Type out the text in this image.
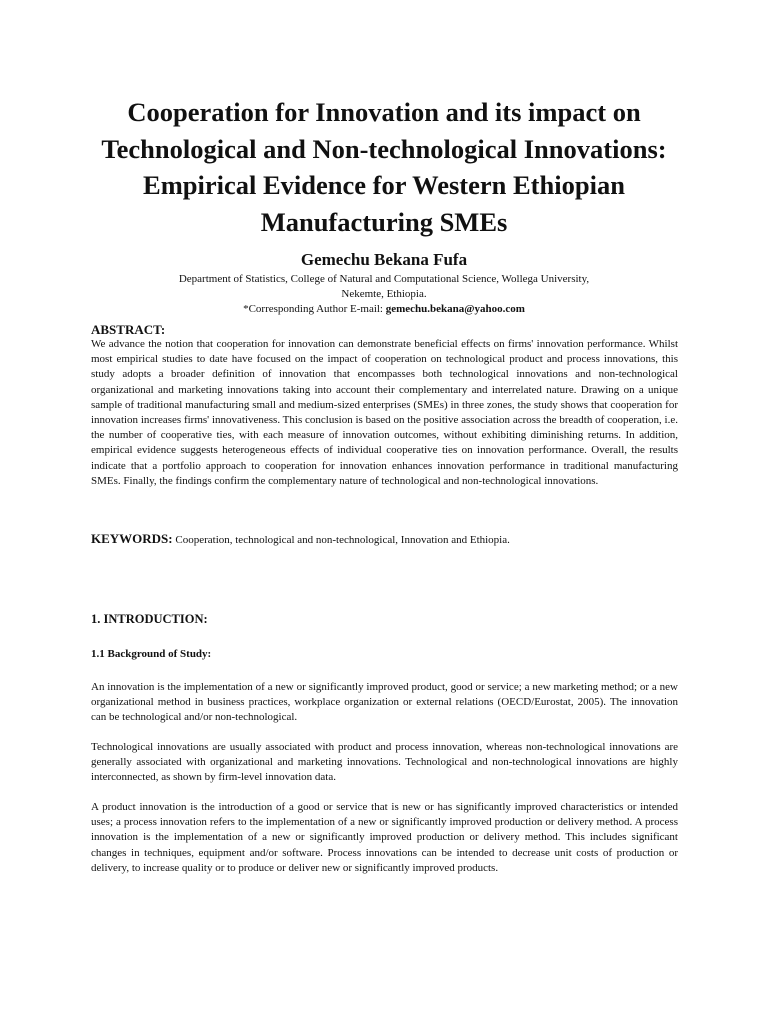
Cooperation for Innovation and its impact on Technological and Non-technological Innovations: Empirical Evidence for Western Ethiopian Manufacturing SMEs
Gemechu Bekana Fufa
Department of Statistics, College of Natural and Computational Science, Wollega University,
Nekemte, Ethiopia.
*Corresponding Author E-mail: gemechu.bekana@yahoo.com
ABSTRACT:

We advance the notion that cooperation for innovation can demonstrate beneficial effects on firms' innovation performance. Whilst most empirical studies to date have focused on the impact of cooperation on technological product and process innovations, this study adopts a broader definition of innovation that encompasses both technological innovations and non-technological organizational and marketing innovations taking into account their complementary and interrelated nature. Drawing on a unique sample of traditional manufacturing small and medium-sized enterprises (SMEs) in three zones, the study shows that cooperation for innovation increases firms' innovativeness. This conclusion is based on the positive association across the breadth of cooperation, i.e. the number of cooperative ties, with each measure of innovation outcomes, without exhibiting diminishing returns. In addition, empirical evidence suggests heterogeneous effects of individual cooperative ties on innovation performance. Overall, the results indicate that a portfolio approach to cooperation for innovation enhances innovation performance in traditional manufacturing SMEs. Finally, the findings confirm the complementary nature of technological and non-technological innovations.

KEYWORDS: Cooperation, technological and non-technological, Innovation and Ethiopia.

1. INTRODUCTION:
1.1 Background of Study:

An innovation is the implementation of a new or significantly improved product, good or service; a new marketing method; or a new organizational method in business practices, workplace organization or external relations (OECD/Eurostat, 2005). The innovation can be technological and/or non-technological.

Technological innovations are usually associated with product and process innovation, whereas non-technological innovations are generally associated with organizational and marketing innovations. Technological and non-technological innovations are highly interconnected, as shown by firm-level innovation data.

A product innovation is the introduction of a good or service that is new or has significantly improved characteristics or intended uses; a process innovation refers to the implementation of a new or significantly improved production or delivery method. A process innovation is the implementation of a new or significantly improved production or delivery method. This includes significant changes in techniques, equipment and/or software. Process innovations can be intended to decrease unit costs of production or delivery, to increase quality or to produce or deliver new or significantly improved products.
